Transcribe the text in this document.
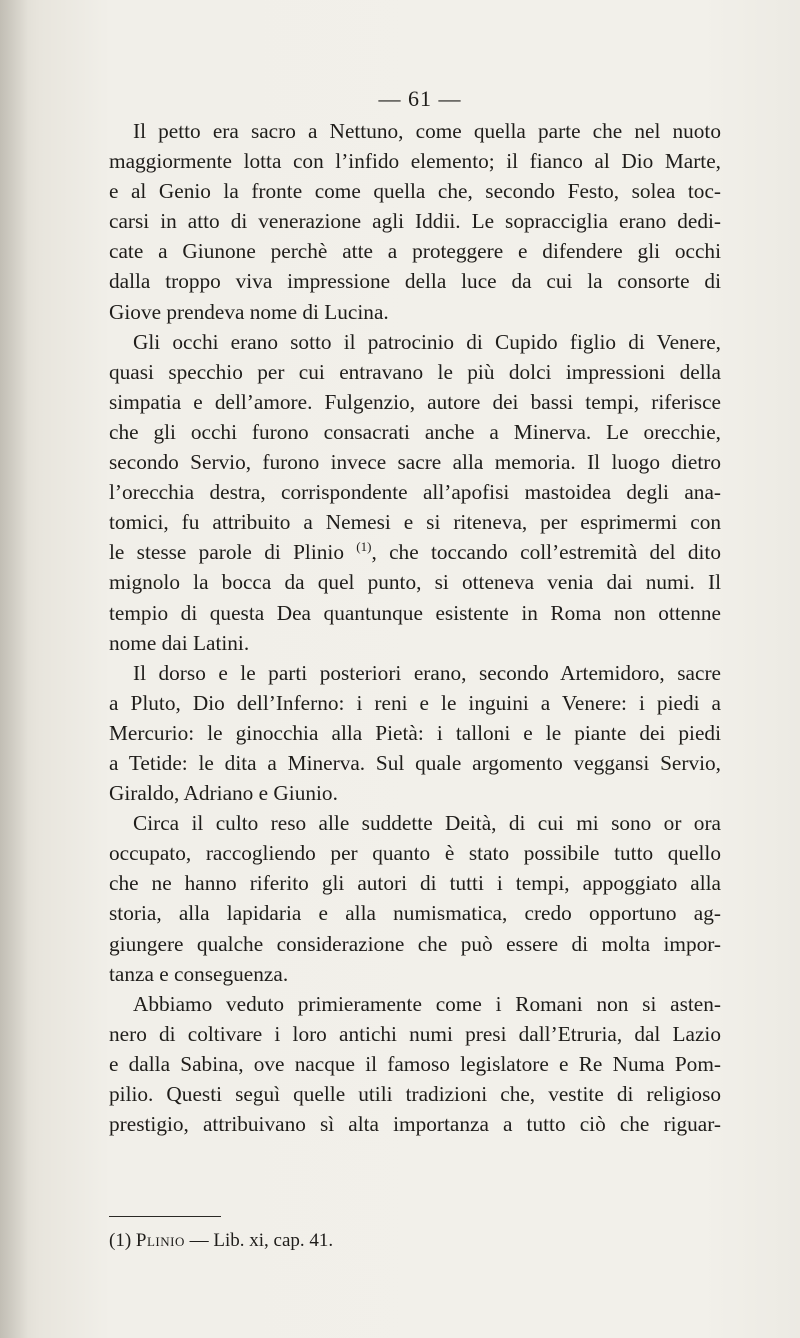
— 61 —

Il petto era sacro a Nettuno, come quella parte che nel nuoto
maggiormente lotta con l’infido elemento; il fianco al Dio Marte,
e al Genio la fronte come quella che, secondo Festo, solea toc-
carsi in atto di venerazione agli Iddii. Le sopracciglia erano dedi-
cate a Giunone perchè atte a proteggere e difendere gli occhi
dalla troppo viva impressione della luce da cui la consorte di
Giove prendeva nome di Lucina.

Gli occhi erano sotto il patrocinio di Cupido figlio di Venere,
quasi specchio per cui entravano le più dolci impressioni della
simpatia e dell’amore. Fulgenzio, autore dei bassi tempi, riferisce
che gli occhi furono consacrati anche a Minerva. Le orecchie,
secondo Servio, furono invece sacre alla memoria. Il luogo dietro
l’orecchia destra, corrispondente all’apofisi mastoidea degli ana-
tomici, fu attribuito a Nemesi e si riteneva, per esprimermi con
le stesse parole di Plinio $^{(1)}$, che toccando coll’estremità del dito
mignolo la bocca da quel punto, si otteneva venia dai numi. Il
tempio di questa Dea quantunque esistente in Roma non ottenne
nome dai Latini.

Il dorso e le parti posteriori erano, secondo Artemidoro, sacre
a Pluto, Dio dell’Inferno: i reni e le inguini a Venere: i piedi a
Mercurio: le ginocchia alla Pietà: i talloni e le piante dei piedi
a Tetide: le dita a Minerva. Sul quale argomento veggansi Servio,
Giraldo, Adriano e Giunio.

Circa il culto reso alle suddette Deità, di cui mi sono or ora
occupato, raccogliendo per quanto è stato possibile tutto quello
che ne hanno riferito gli autori di tutti i tempi, appoggiato alla
storia, alla lapidaria e alla numismatica, credo opportuno ag-
giungere qualche considerazione che può essere di molta impor-
tanza e conseguenza.

Abbiamo veduto primieramente come i Romani non si asten-
nero di coltivare i loro antichi numi presi dall’Etruria, dal Lazio
e dalla Sabina, ove nacque il famoso legislatore e Re Numa Pom-
pilio. Questi seguì quelle utili tradizioni che, vestite di religioso
prestigio, attribuivano sì alta importanza a tutto ciò che riguar-

(1) Plinio — Lib. xi, cap. 41.
